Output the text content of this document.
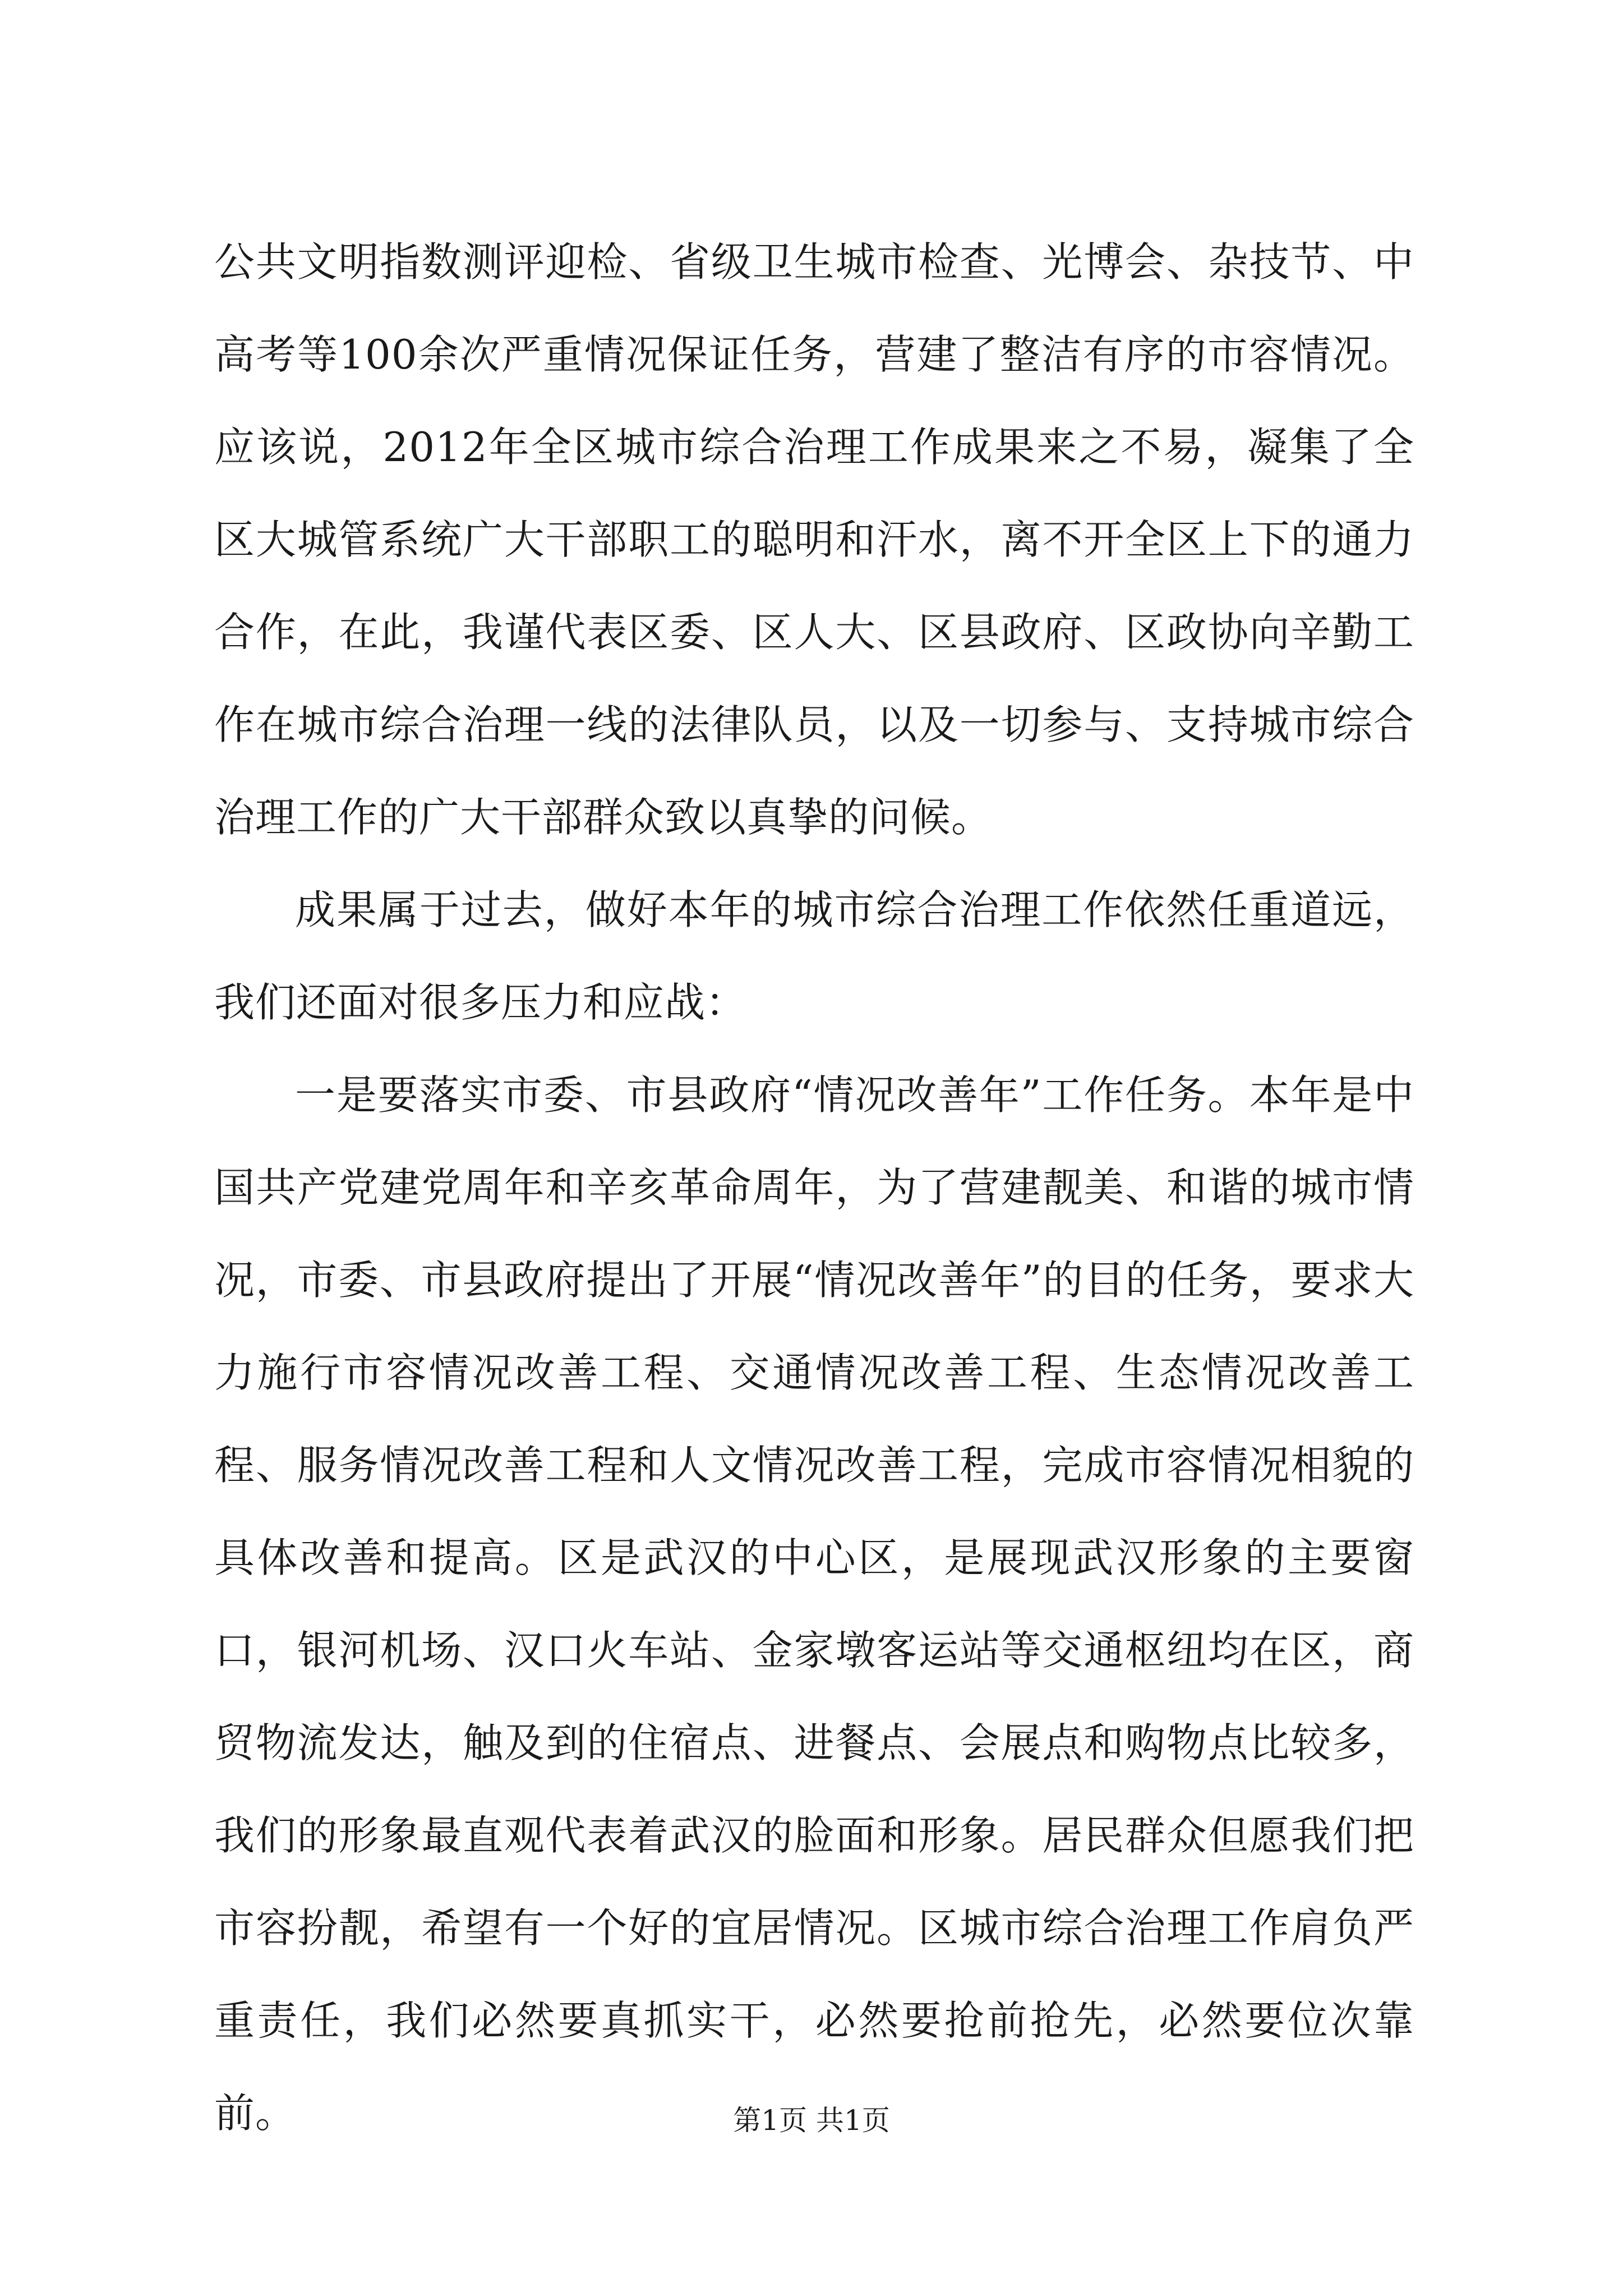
公共文明指数测评迎检、省级卫生城市检查、光博会、杂技节、中高考等100余次严重情况保证任务，营建了整洁有序的市容情况。应该说，2012年全区城市综合治理工作成果来之不易，凝集了全区大城管系统广大干部职工的聪明和汗水，离不开全区上下的通力合作，在此，我谨代表区委、区人大、区县政府、区政协向辛勤工作在城市综合治理一线的法律队员，以及一切参与、支持城市综合治理工作的广大干部群众致以真挚的问候。

成果属于过去，做好本年的城市综合治理工作依然任重道远，我们还面对很多压力和应战：

一是要落实市委、市县政府“情况改善年”工作任务。本年是中国共产党建党周年和辛亥革命周年，为了营建靓美、和谐的城市情况，市委、市县政府提出了开展“情况改善年”的目的任务，要求大力施行市容情况改善工程、交通情况改善工程、生态情况改善工程、服务情况改善工程和人文情况改善工程，完成市容情况相貌的具体改善和提高。区是武汉的中心区，是展现武汉形象的主要窗口，银河机场、汉口火车站、金家墩客运站等交通枢纽均在区，商贸物流发达，触及到的住宿点、进餐点、会展点和购物点比较多，我们的形象最直观代表着武汉的脸面和形象。居民群众但愿我们把市容扮靓，希望有一个好的宜居情况。区城市综合治理工作肩负严重责任，我们必然要真抓实干，必然要抢前抢先，必然要位次靠前。	第1页 共1页
